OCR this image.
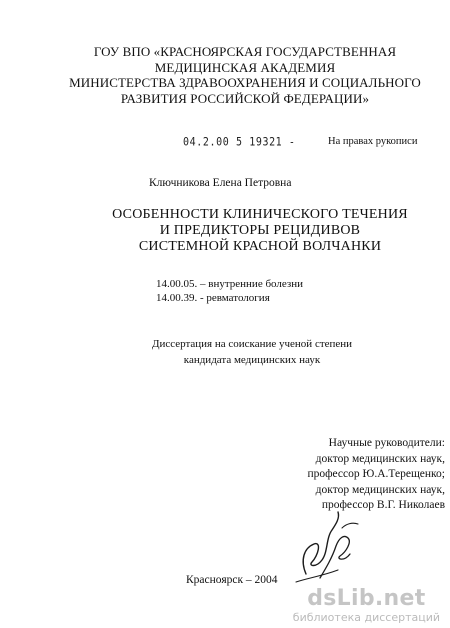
ГОУ ВПО «КРАСНОЯРСКАЯ ГОСУДАРСТВЕННАЯ
МЕДИЦИНСКАЯ АКАДЕМИЯ
МИНИСТЕРСТВА ЗДРАВООХРАНЕНИЯ И СОЦИАЛЬНОГО
РАЗВИТИЯ РОССИЙСКОЙ ФЕДЕРАЦИИ»
04.2.00 5 19321 -	На правах рукописи
Ключникова Елена Петровна
ОСОБЕННОСТИ КЛИНИЧЕСКОГО ТЕЧЕНИЯ
И ПРЕДИКТОРЫ РЕЦИДИВОВ
СИСТЕМНОЙ КРАСНОЙ ВОЛЧАНКИ
14.00.05. – внутренние болезни
14.00.39. - ревматология
Диссертация на соискание ученой степени
кандидата медицинских наук
Научные руководители:
доктор медицинских наук,
профессор Ю.А.Терещенко;
доктор медицинских наук,
профессор В.Г. Николаев
Красноярск – 2004
dsLib.net
библиотека диссертаций
